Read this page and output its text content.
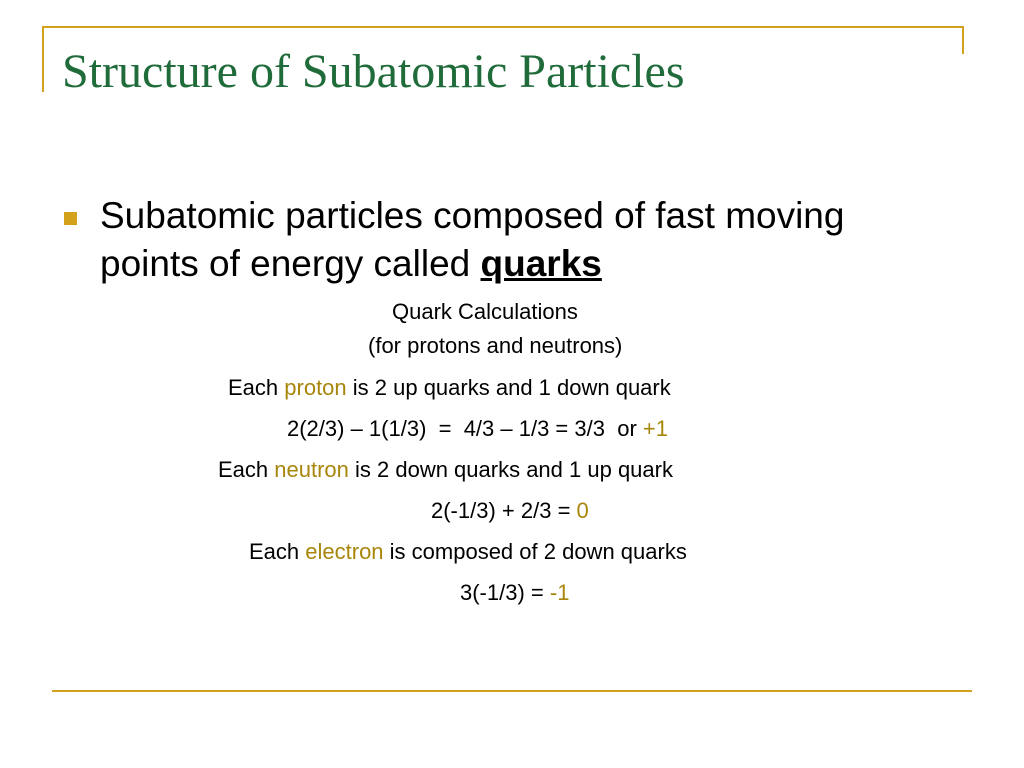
Structure of Subatomic Particles
Subatomic particles composed of fast moving
points of energy called quarks
Quark Calculations
(for protons and neutrons)
Each proton is 2 up quarks and 1 down quark
2(2/3) – 1(1/3)  =  4/3 – 1/3 = 3/3  or +1
Each neutron is 2 down quarks and 1 up quark
2(-1/3) + 2/3 = 0
Each electron is composed of 2 down quarks
3(-1/3) = -1
